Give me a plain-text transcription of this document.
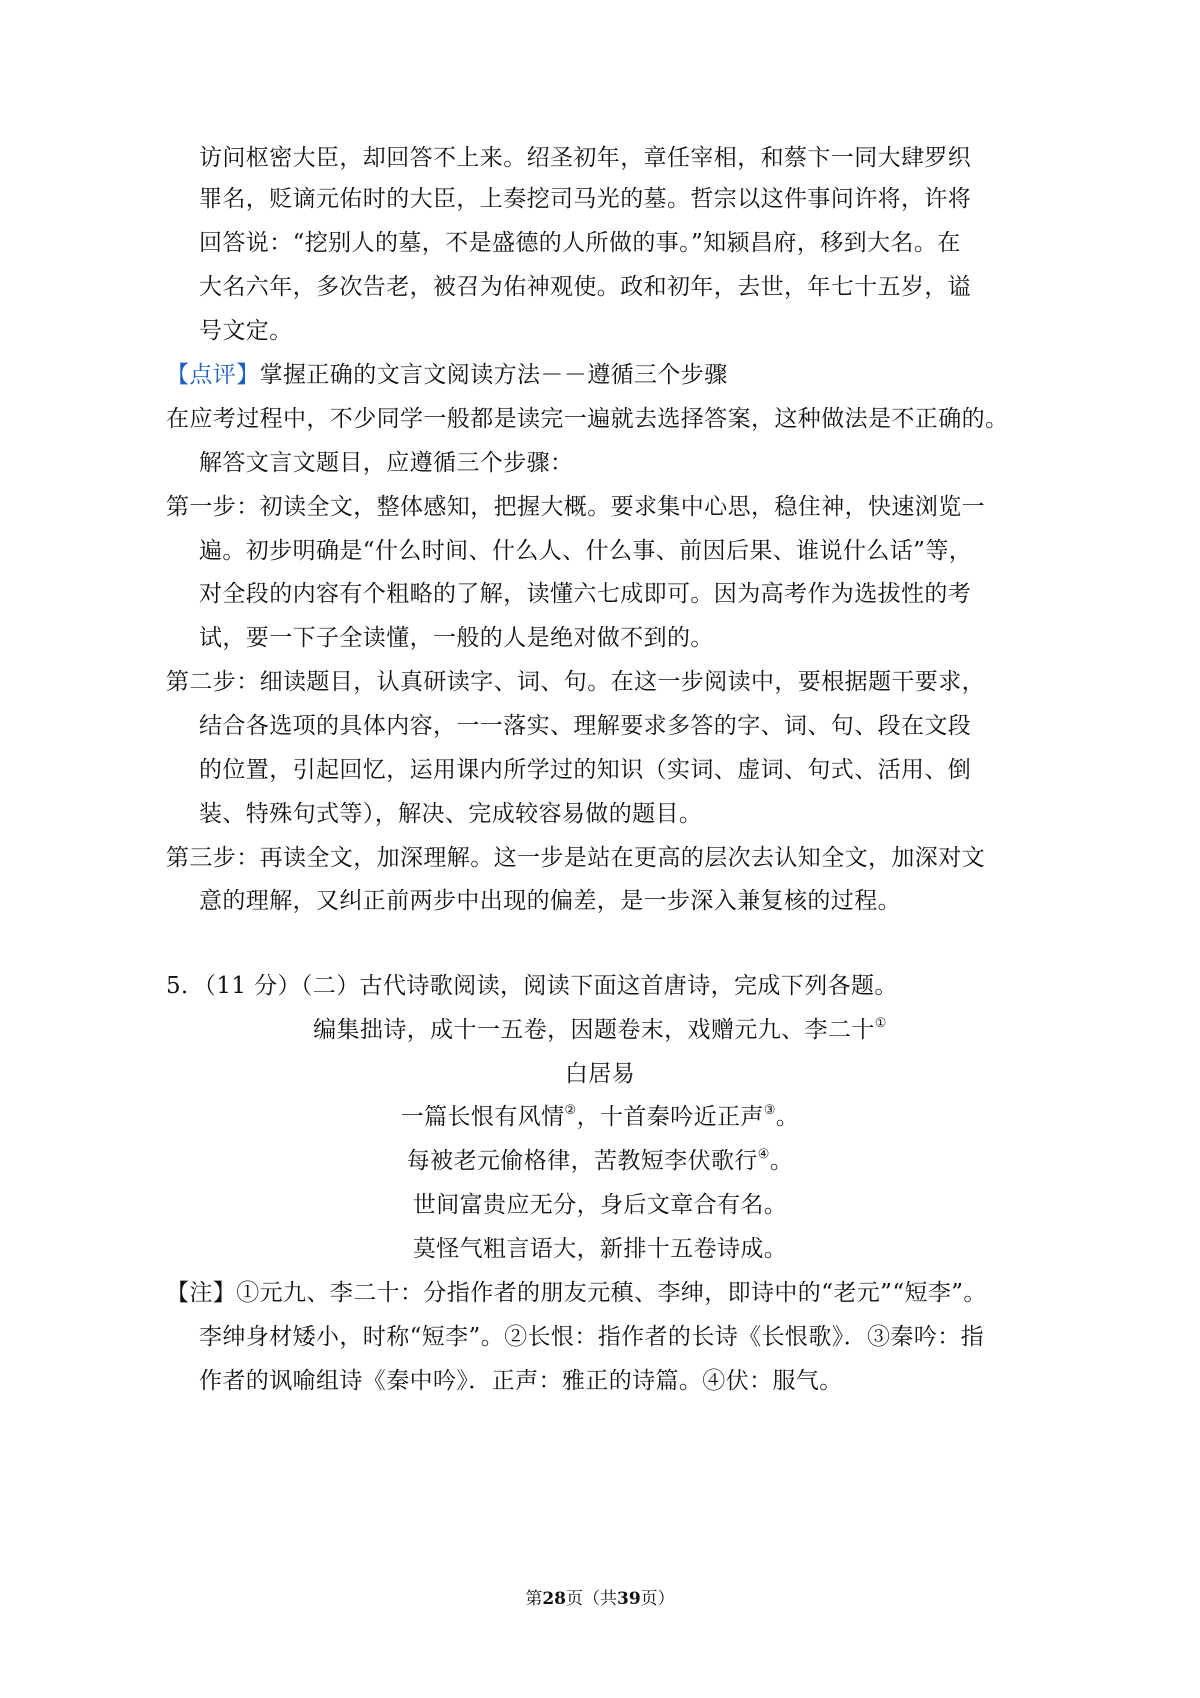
访问枢密大臣，却回答不上来。绍圣初年，章任宰相，和蔡卞一同大肆罗织
罪名，贬谪元佑时的大臣，上奏挖司马光的墓。哲宗以这件事问许将，许将
回答说：“挖别人的墓，不是盛德的人所做的事。”知颍昌府，移到大名。在
大名六年，多次告老，被召为佑神观使。政和初年，去世，年七十五岁，谥
号文定。
【点评】掌握正确的文言文阅读方法－－遵循三个步骤
在应考过程中，不少同学一般都是读完一遍就去选择答案，这种做法是不正确的。
解答文言文题目，应遵循三个步骤：
第一步：初读全文，整体感知，把握大概。要求集中心思，稳住神，快速浏览一
遍。初步明确是“什么时间、什么人、什么事、前因后果、谁说什么话”等，
对全段的内容有个粗略的了解，读懂六七成即可。因为高考作为选拔性的考
试，要一下子全读懂，一般的人是绝对做不到的。
第二步：细读题目，认真研读字、词、句。在这一步阅读中，要根据题干要求，
结合各选项的具体内容，一一落实、理解要求多答的字、词、句、段在文段
的位置，引起回忆，运用课内所学过的知识（实词、虚词、句式、活用、倒
装、特殊句式等），解决、完成较容易做的题目。
第三步：再读全文，加深理解。这一步是站在更高的层次去认知全文，加深对文
意的理解，又纠正前两步中出现的偏差，是一步深入兼复核的过程。
5．（11 分）（二）古代诗歌阅读，阅读下面这首唐诗，完成下列各题。
编集拙诗，成十一五卷，因题卷末，戏赠元九、李二十①
白居易
一篇长恨有风情②，十首秦吟近正声③。
每被老元偷格律，苦教短李伏歌行④。
世间富贵应无分，身后文章合有名。
莫怪气粗言语大，新排十五卷诗成。
【注】①元九、李二十：分指作者的朋友元稹、李绅，即诗中的“老元”“短李”。
李绅身材矮小，时称“短李”。②长恨：指作者的长诗《长恨歌》．③秦吟：指
作者的讽喻组诗《秦中吟》．正声：雅正的诗篇。④伏：服气。
第28页（共39页）
